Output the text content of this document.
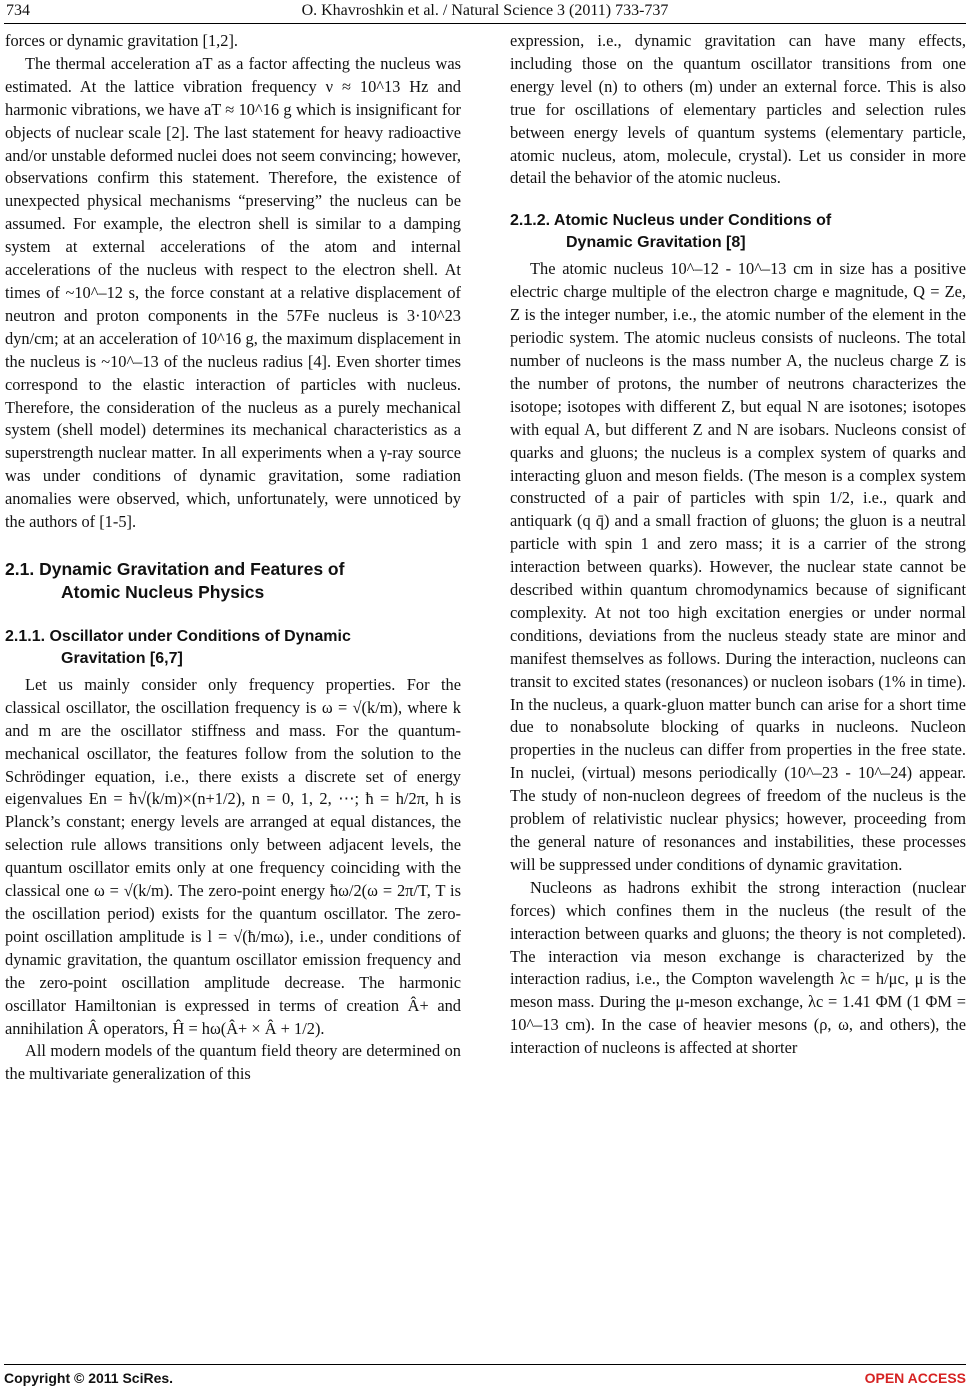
734	O. Khavroshkin et al. / Natural Science 3 (2011) 733-737

forces or dynamic gravitation [1,2].

The thermal acceleration aT as a factor affecting the nucleus was estimated. At the lattice vibration frequency ν ≈ 10^13 Hz and harmonic vibrations, we have aT ≈ 10^16 g which is insignificant for objects of nuclear scale [2]. The last statement for heavy radioactive and/or unstable deformed nuclei does not seem convincing; however, observations confirm this statement. Therefore, the existence of unexpected physical mechanisms “preserving” the nucleus can be assumed. For example, the electron shell is similar to a damping system at external accelerations of the atom and internal accelerations of the nucleus with respect to the electron shell. At times of ~10^–12 s, the force constant at a relative displacement of neutron and proton components in the 57Fe nucleus is 3·10^23 dyn/cm; at an acceleration of 10^16 g, the maximum displacement in the nucleus is ~10^–13 of the nucleus radius [4]. Even shorter times correspond to the elastic interaction of particles with nucleus. Therefore, the consideration of the nucleus as a purely mechanical system (shell model) determines its mechanical characteristics as a superstrength nuclear matter. In all experiments when a γ-ray source was under conditions of dynamic gravitation, some radiation anomalies were observed, which, unfortunately, were unnoticed by the authors of [1-5].

2.1. Dynamic Gravitation and Features of
Atomic Nucleus Physics
2.1.1. Oscillator under Conditions of Dynamic
Gravitation [6,7]

Let us mainly consider only frequency properties. For the classical oscillator, the oscillation frequency is ω = √(k/m), where k and m are the oscillator stiffness and mass. For the quantum-mechanical oscillator, the features follow from the solution to the Schrödinger equation, i.e., there exists a discrete set of energy eigenvalues En = ħ√(k/m)×(n+1/2), n = 0, 1, 2, ⋯; ħ = h/2π, h is Planck’s constant; energy levels are arranged at equal distances, the selection rule allows transitions only between adjacent levels, the quantum oscillator emits only at one frequency coinciding with the classical one ω = √(k/m). The zero-point energy ħω/2(ω = 2π/T, T is the oscillation period) exists for the quantum oscillator. The zero-point oscillation amplitude is l = √(ħ/mω), i.e., under conditions of dynamic gravitation, the quantum oscillator emission frequency and the zero-point oscillation amplitude decrease. The harmonic oscillator Hamiltonian is expressed in terms of creation Â+ and annihilation Â operators, Ĥ = hω(Â+ × Â + 1/2).

All modern models of the quantum field theory are determined on the multivariate generalization of this

expression, i.e., dynamic gravitation can have many effects, including those on the quantum oscillator transitions from one energy level (n) to others (m) under an external force. This is also true for oscillations of elementary particles and selection rules between energy levels of quantum systems (elementary particle, atomic nucleus, atom, molecule, crystal). Let us consider in more detail the behavior of the atomic nucleus.

2.1.2. Atomic Nucleus under Conditions of
Dynamic Gravitation [8]

The atomic nucleus 10^–12 - 10^–13 cm in size has a positive electric charge multiple of the electron charge e magnitude, Q = Ze, Z is the integer number, i.e., the atomic number of the element in the periodic system. The atomic nucleus consists of nucleons. The total number of nucleons is the mass number A, the nucleus charge Z is the number of protons, the number of neutrons characterizes the isotope; isotopes with different Z, but equal N are isotones; isotopes with equal A, but different Z and N are isobars. Nucleons consist of quarks and gluons; the nucleus is a complex system of quarks and interacting gluon and meson fields. (The meson is a complex system constructed of a pair of particles with spin 1/2, i.e., quark and antiquark (q q̄) and a small fraction of gluons; the gluon is a neutral particle with spin 1 and zero mass; it is a carrier of the strong interaction between quarks). However, the nuclear state cannot be described within quantum chromodynamics because of significant complexity. At not too high excitation energies or under normal conditions, deviations from the nucleus steady state are minor and manifest themselves as follows. During the interaction, nucleons can transit to excited states (resonances) or nucleon isobars (1% in time). In the nucleus, a quark-gluon matter bunch can arise for a short time due to nonabsolute blocking of quarks in nucleons. Nucleon properties in the nucleus can differ from properties in the free state. In nuclei, (virtual) mesons periodically (10^–23 - 10^–24) appear. The study of non-nucleon degrees of freedom of the nucleus is the problem of relativistic nuclear physics; however, proceeding from the general nature of resonances and instabilities, these processes will be suppressed under conditions of dynamic gravitation.

Nucleons as hadrons exhibit the strong interaction (nuclear forces) which confines them in the nucleus (the result of the interaction between quarks and gluons; the theory is not completed). The interaction via meson exchange is characterized by the interaction radius, i.e., the Compton wavelength λc = h/μc, μ is the meson mass. During the μ-meson exchange, λc = 1.41 ΦM (1 ΦM = 10^–13 cm). In the case of heavier mesons (ρ, ω, and others), the interaction of nucleons is affected at shorter

Copyright © 2011 SciRes.	OPEN ACCESS
